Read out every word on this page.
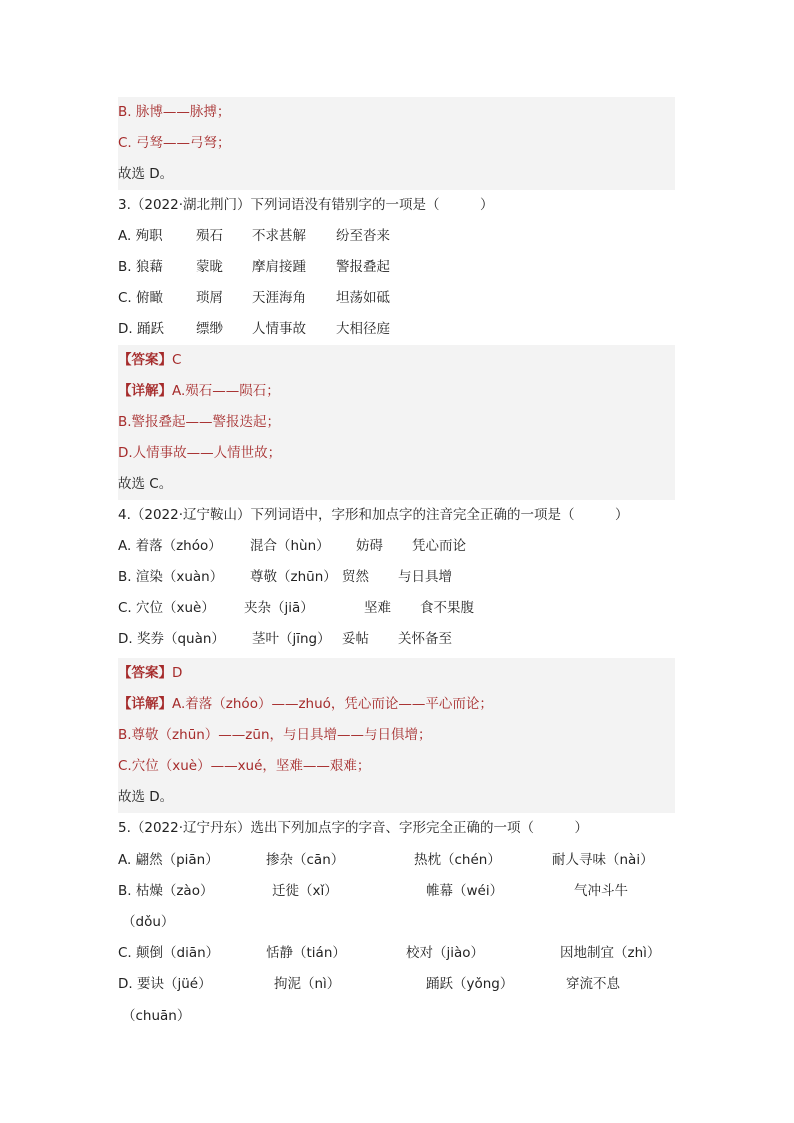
B. 脉博——脉搏；
C. 弓驽——弓弩；
故选 D。
3.（2022·湖北荆门）下列词语没有错别字的一项是（　　　）
A. 殉职 殒石 不求甚解 纷至沓来
B. 狼藉 蒙昽 摩肩接踵 警报叠起
C. 俯瞰 琐屑 天涯海角 坦荡如砥
D. 踊跃 缥缈 人情事故 大相径庭
【答案】C
【详解】A.殒石——陨石；
B.警报叠起——警报迭起；
D.人情事故——人情世故；
故选 C。
4.（2022·辽宁鞍山）下列词语中，字形和加点字的注音完全正确的一项是（　　　）
A. 着落（zhóo） 混合（hùn） 妨碍 凭心而论
B. 渲染（xuàn） 尊敬（zhūn） 贸然 与日具增
C. 穴位（xuè） 夹杂（jiā）	坚难 食不果腹
D. 奖券（quàn） 茎叶（jīng） 妥帖 关怀备至
【答案】D
【详解】A.着落（zhóo）——zhuó，凭心而论——平心而论；
B.尊敬（zhūn）——zūn，与日具增——与日俱增；
C.穴位（xuè）——xué，坚难——艰难；
故选 D。
5.（2022·辽宁丹东）选出下列加点字的字音、字形完全正确的一项（　　　）
A. 翩然（piān）	掺杂（cān）	热枕（chén）	耐人寻味（nài）
B. 枯燥（zào）	迁徙（xǐ）	帷幕（wéi）	气冲斗牛
（dǒu）
C. 颠倒（diān）	恬静（tián）	校对（jiào）	因地制宜（zhì）
D. 要诀（jüé）	拘泥（nì）	踊跃（yǒng）	穿流不息
（chuān）
